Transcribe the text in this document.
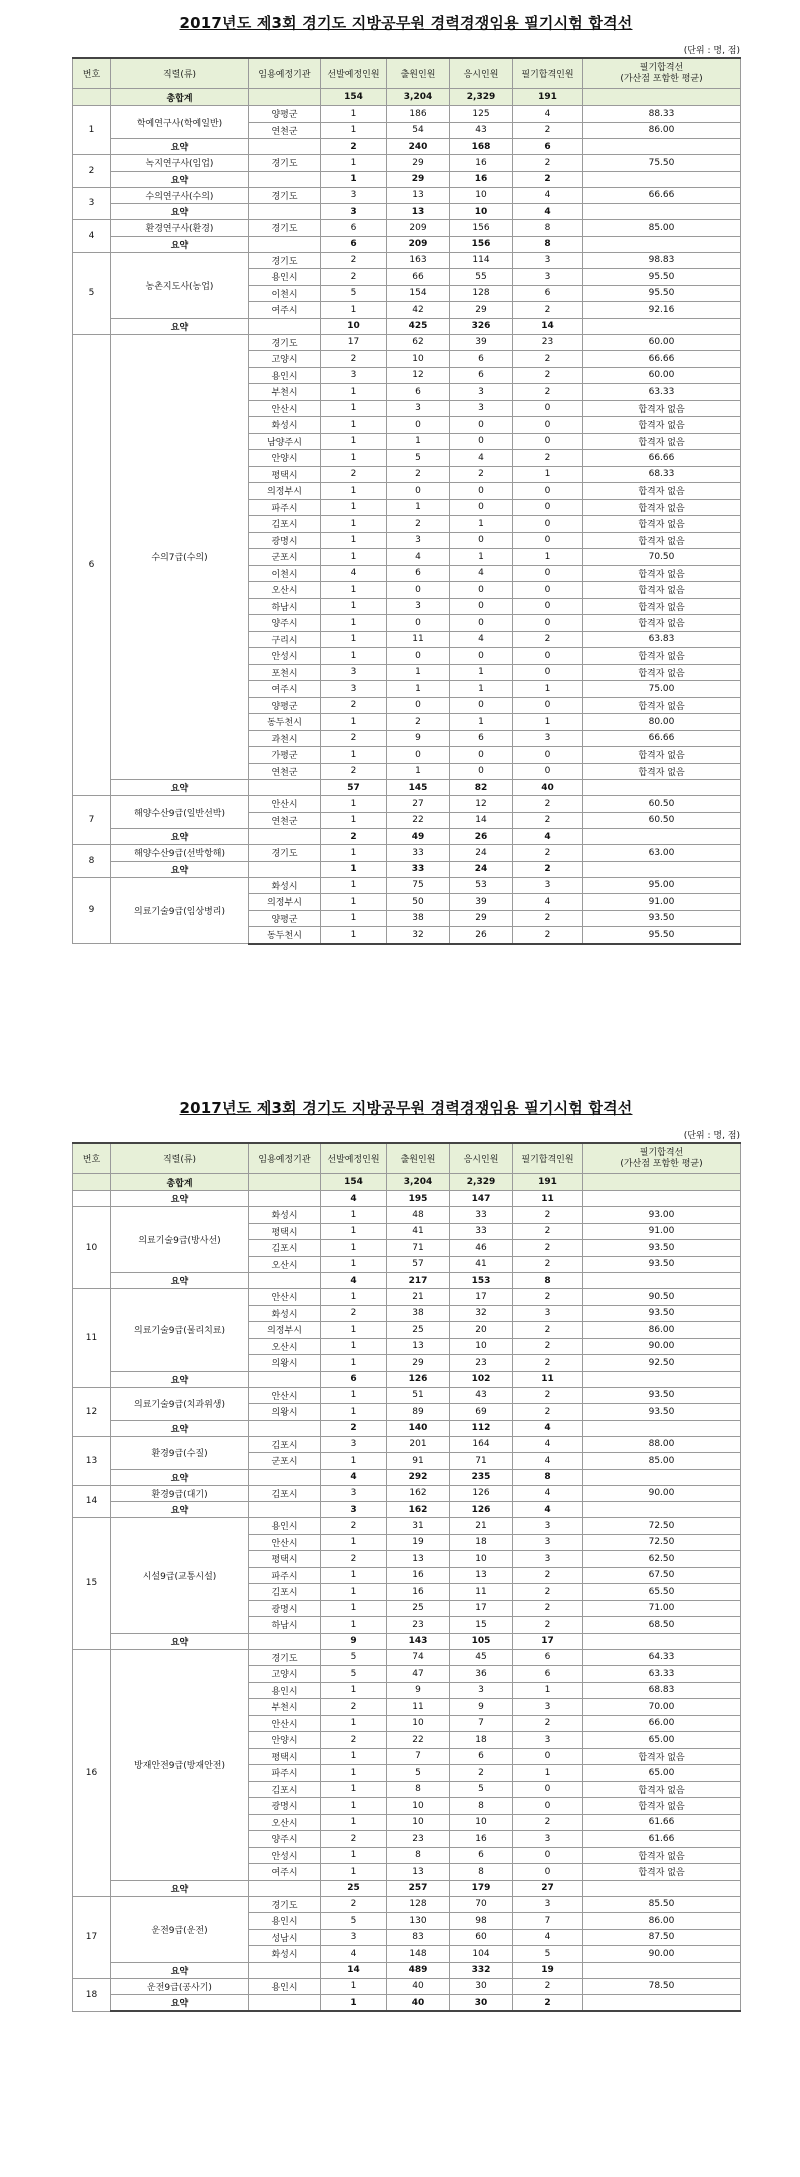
2017년도 제3회 경기도 지방공무원 경력경쟁임용 필기시험 합격선
(단위 : 명, 점)
번호	직렬(류)	임용예정기관	선발예정인원	출원인원	응시인원	필기합격인원	필기합격선
(가산점 포함한 평균)
	총합계		154	3,204	2,329	191	
1	학예연구사(학예일반)	양평군	1	186	125	4	88.33
		연천군	1	54	43	2	86.00
	요약		2	240	168	6	
2	녹지연구사(임업)	경기도	1	29	16	2	75.50
	요약		1	29	16	2	
3	수의연구사(수의)	경기도	3	13	10	4	66.66
	요약		3	13	10	4	
4	환경연구사(환경)	경기도	6	209	156	8	85.00
	요약		6	209	156	8	
5	농촌지도사(농업)	경기도	2	163	114	3	98.83
		용인시	2	66	55	3	95.50
		이천시	5	154	128	6	95.50
		여주시	1	42	29	2	92.16
	요약		10	425	326	14	
6	수의7급(수의)	경기도	17	62	39	23	60.00
		고양시	2	10	6	2	66.66
		용인시	3	12	6	2	60.00
		부천시	1	6	3	2	63.33
		안산시	1	3	3	0	합격자 없음
		화성시	1	0	0	0	합격자 없음
		남양주시	1	1	0	0	합격자 없음
		안양시	1	5	4	2	66.66
		평택시	2	2	2	1	68.33
		의정부시	1	0	0	0	합격자 없음
		파주시	1	1	0	0	합격자 없음
		김포시	1	2	1	0	합격자 없음
		광명시	1	3	0	0	합격자 없음
		군포시	1	4	1	1	70.50
		이천시	4	6	4	0	합격자 없음
		오산시	1	0	0	0	합격자 없음
		하남시	1	3	0	0	합격자 없음
		양주시	1	0	0	0	합격자 없음
		구리시	1	11	4	2	63.83
		안성시	1	0	0	0	합격자 없음
		포천시	3	1	1	0	합격자 없음
		여주시	3	1	1	1	75.00
		양평군	2	0	0	0	합격자 없음
		동두천시	1	2	1	1	80.00
		과천시	2	9	6	3	66.66
		가평군	1	0	0	0	합격자 없음
		연천군	2	1	0	0	합격자 없음
	요약		57	145	82	40	
7	해양수산9급(일반선박)	안산시	1	27	12	2	60.50
		연천군	1	22	14	2	60.50
	요약		2	49	26	4	
8	해양수산9급(선박항해)	경기도	1	33	24	2	63.00
	요약		1	33	24	2	
9	의료기술9급(임상병리)	화성시	1	75	53	3	95.00
		의정부시	1	50	39	4	91.00
		양평군	1	38	29	2	93.50
		동두천시	1	32	26	2	95.50
2017년도 제3회 경기도 지방공무원 경력경쟁임용 필기시험 합격선
(단위 : 명, 점)
번호	직렬(류)	임용예정기관	선발예정인원	출원인원	응시인원	필기합격인원	필기합격선
(가산점 포함한 평균)
	총합계		154	3,204	2,329	191	
	요약		4	195	147	11	
10	의료기술9급(방사선)	화성시	1	48	33	2	93.00
		평택시	1	41	33	2	91.00
		김포시	1	71	46	2	93.50
		오산시	1	57	41	2	93.50
	요약		4	217	153	8	
11	의료기술9급(물리치료)	안산시	1	21	17	2	90.50
		화성시	2	38	32	3	93.50
		의정부시	1	25	20	2	86.00
		오산시	1	13	10	2	90.00
		의왕시	1	29	23	2	92.50
	요약		6	126	102	11	
12	의료기술9급(치과위생)	안산시	1	51	43	2	93.50
		의왕시	1	89	69	2	93.50
	요약		2	140	112	4	
13	환경9급(수질)	김포시	3	201	164	4	88.00
		군포시	1	91	71	4	85.00
	요약		4	292	235	8	
14	환경9급(대기)	김포시	3	162	126	4	90.00
	요약		3	162	126	4	
15	시설9급(교통시설)	용인시	2	31	21	3	72.50
		안산시	1	19	18	3	72.50
		평택시	2	13	10	3	62.50
		파주시	1	16	13	2	67.50
		김포시	1	16	11	2	65.50
		광명시	1	25	17	2	71.00
		하남시	1	23	15	2	68.50
	요약		9	143	105	17	
16	방재안전9급(방재안전)	경기도	5	74	45	6	64.33
		고양시	5	47	36	6	63.33
		용인시	1	9	3	1	68.83
		부천시	2	11	9	3	70.00
		안산시	1	10	7	2	66.00
		안양시	2	22	18	3	65.00
		평택시	1	7	6	0	합격자 없음
		파주시	1	5	2	1	65.00
		김포시	1	8	5	0	합격자 없음
		광명시	1	10	8	0	합격자 없음
		오산시	1	10	10	2	61.66
		양주시	2	23	16	3	61.66
		안성시	1	8	6	0	합격자 없음
		여주시	1	13	8	0	합격자 없음
	요약		25	257	179	27	
17	운전9급(운전)	경기도	2	128	70	3	85.50
		용인시	5	130	98	7	86.00
		성남시	3	83	60	4	87.50
		화성시	4	148	104	5	90.00
	요약		14	489	332	19	
18	운전9급(공사기)	용인시	1	40	30	2	78.50
	요약		1	40	30	2	
